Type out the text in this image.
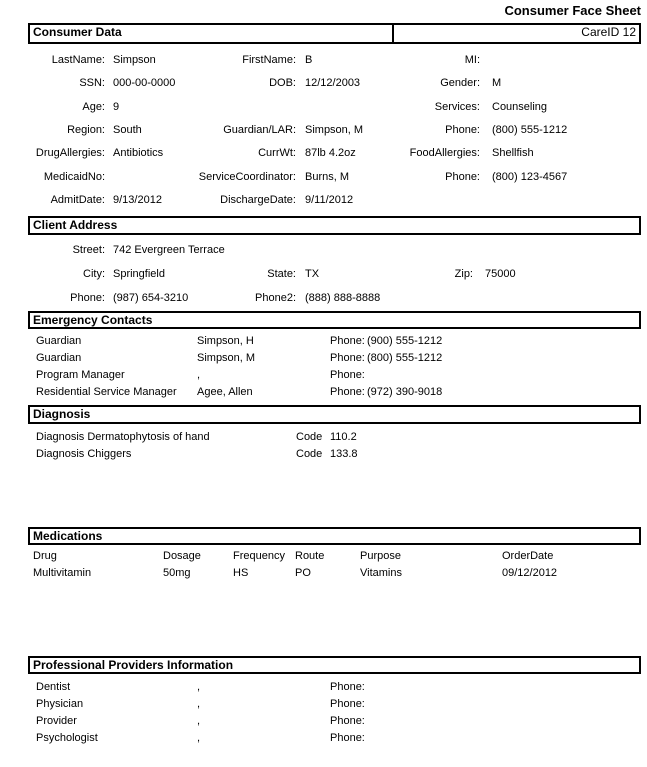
Consumer Face Sheet
Consumer Data	CareID 12
LastName: Simpson	FirstName: B	MI:
SSN: 000-00-0000	DOB: 12/12/2003	Gender: M
Age: 9	Services: Counseling
Region: South	Guardian/LAR: Simpson, M	Phone: (800) 555-1212
DrugAllergies: Antibiotics	CurrWt: 87lb 4.2oz	FoodAllergies: Shellfish
MedicaidNo:	ServiceCoordinator: Burns, M	Phone: (800) 123-4567
AdmitDate: 9/13/2012	DischargeDate: 9/11/2012
Client Address
Street: 742 Evergreen Terrace
City: Springfield	State: TX	Zip: 75000
Phone: (987) 654-3210	Phone2: (888) 888-8888
Emergency Contacts
Guardian	Simpson, H	Phone: (900) 555-1212
Guardian	Simpson, M	Phone: (800) 555-1212
Program Manager	,	Phone:
Residential Service Manager Agee, Allen	Phone: (972) 390-9018
Diagnosis
Diagnosis Dermatophytosis of hand	Code 110.2
Diagnosis Chiggers	Code 133.8
Medications
Drug	Dosage	Frequency Route	Purpose	OrderDate
Multivitamin	50mg	HS	PO	Vitamins	09/12/2012
Professional Providers Information
Dentist	,	Phone:
Physician	,	Phone:
Provider	,	Phone:
Psychologist	,	Phone:
